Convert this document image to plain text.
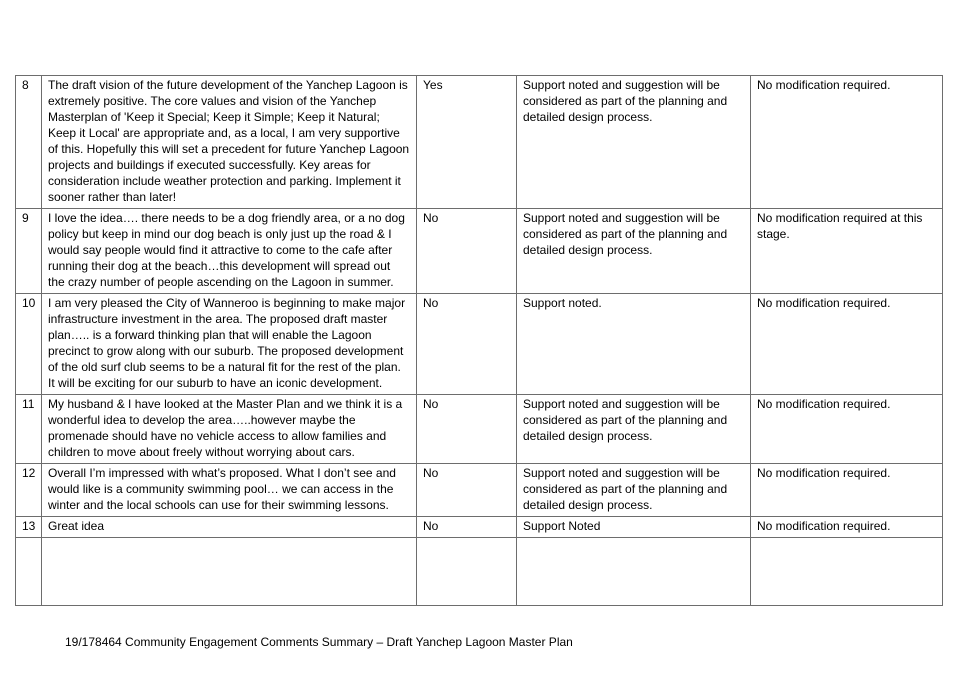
8	The draft vision of the future development of the Yanchep Lagoon is extremely positive. The core values and vision of the Yanchep Masterplan of 'Keep it Special; Keep it Simple; Keep it Natural; Keep it Local' are appropriate and, as a local, I am very supportive of this. Hopefully this will set a precedent for future Yanchep Lagoon projects and buildings if executed successfully. Key areas for consideration include weather protection and parking. Implement it sooner rather than later!	Yes	Support noted and suggestion will be considered as part of the planning and detailed design process.	No modification required.
9	I love the idea…. there needs to be a dog friendly area, or a no dog policy but keep in mind our dog beach is only just up the road & I would say people would find it attractive to come to the cafe after running their dog at the beach…this development will spread out the crazy number of people ascending on the Lagoon in summer.	No	Support noted and suggestion will be considered as part of the planning and detailed design process.	No modification required at this stage.
10	I am very pleased the City of Wanneroo is beginning to make major infrastructure investment in the area. The proposed draft master plan….. is a forward thinking plan that will enable the Lagoon precinct to grow along with our suburb. The proposed development of the old surf club seems to be a natural fit for the rest of the plan. It will be exciting for our suburb to have an iconic development.	No	Support noted.	No modification required.
11	My husband & I have looked at the Master Plan and we think it is a wonderful idea to develop the area…..however maybe the promenade should have no vehicle access to allow families and children to move about freely without worrying about cars.	No	Support noted and suggestion will be considered as part of the planning and detailed design process.	No modification required.
12	Overall I’m impressed with what’s proposed. What I don’t see and would like is a community swimming pool… we can access in the winter and the local schools can use for their swimming lessons.	No	Support noted and suggestion will be considered as part of the planning and detailed design process.	No modification required.
13	Great idea	No	Support Noted	No modification required.

19/178464 Community Engagement Comments Summary – Draft Yanchep Lagoon Master Plan
